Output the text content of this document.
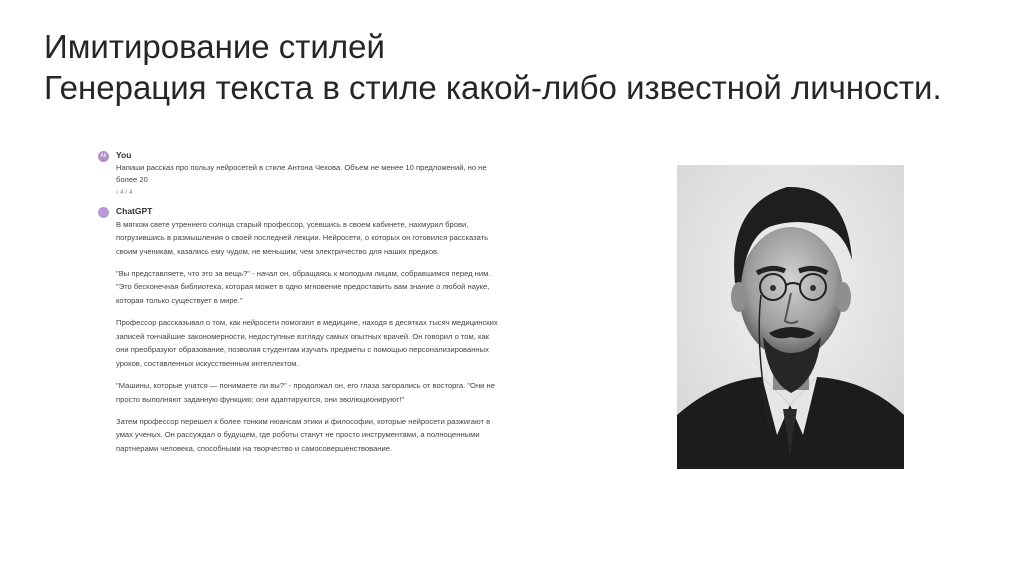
Имитирование стилей
Генерация текста в стиле какой-либо известной личности.
АК You
Напиши рассказ про пользу нейросетей в стиле Антона Чехова. Объем не менее 10 предложений, но не более 20
‹ 4 / 4
ChatGPT

В мягком свете утреннего солнца старый профессор, усевшись в своем кабинете, нахмурил брови, погрузившись в размышления о своей последней лекции. Нейросети, о которых он готовился рассказать своим ученикам, казались ему чудом, не меньшим, чем электричество для наших предков.

"Вы представляете, что это за вещь?" - начал он, обращаясь к молодым лицам, собравшимся перед ним. "Это бесконечная библиотека, которая может в одно мгновение предоставить вам знание о любой науке, которая только существует в мире."

Профессор рассказывал о том, как нейросети помогают в медицине, находя в десятках тысяч медицинских записей тончайшие закономерности, недоступные взгляду самых опытных врачей. Он говорил о том, как они преобразуют образование, позволяя студентам изучать предметы с помощью персонализированных уроков, составленных искусственным интеллектом.

"Машины, которые учатся — понимаете ли вы?" - продолжал он, его глаза загорались от восторга. "Они не просто выполняют заданную функцию; они адаптируются, они эволюционируют!"

Затем профессор перешел к более тонким нюансам этики и философии, которые нейросети разжигают в умах ученых. Он рассуждал о будущем, где роботы станут не просто инструментами, а полноценными партнерами человека, способными на творчество и самосовершенствование.
